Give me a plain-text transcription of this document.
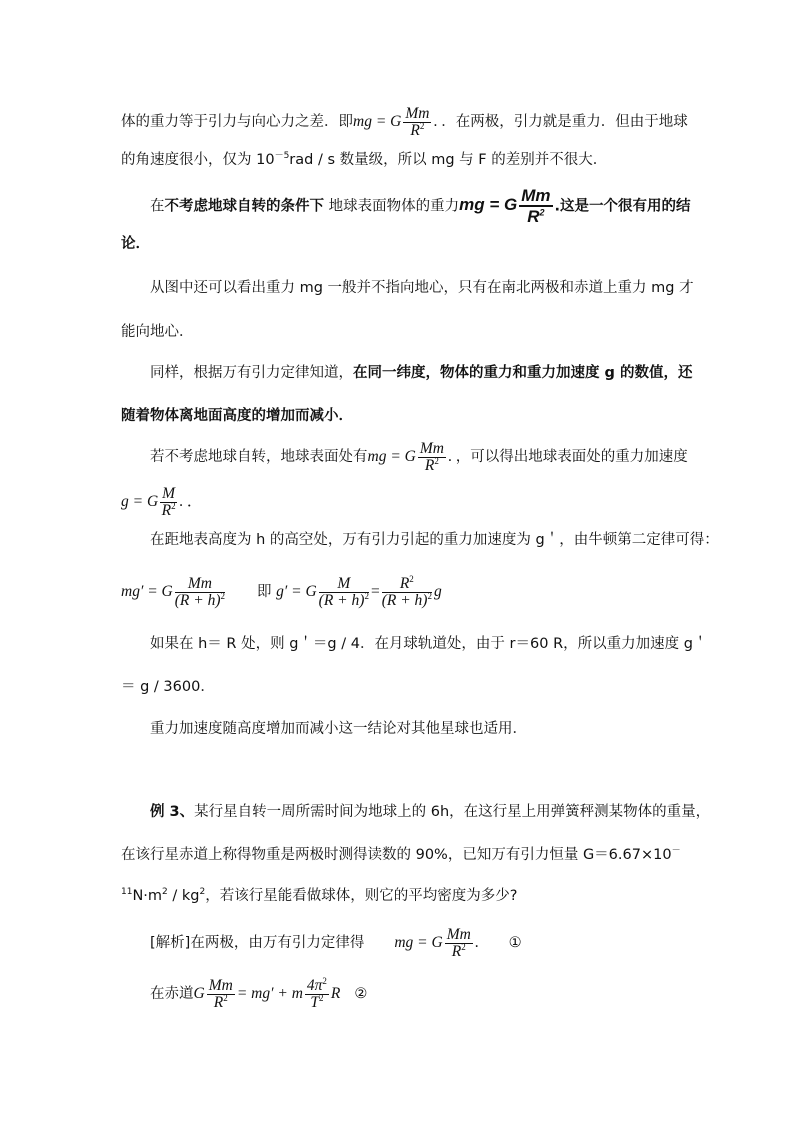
体的重力等于引力与向心力之差．即mg = G $\frac{Mm}{R^2}$ . ．在两极，引力就是重力．但由于地球
的角速度很小，仅为 $10^{-5}rad$ / s 数量级，所以 mg 与 F 的差别并不很大．
在不考虑地球自转的条件下 地球表面物体的重力mg = G $\frac{Mm}{R^2}$ .这是一个很有用的结
论．
从图中还可以看出重力 mg 一般并不指向地心，只有在南北两极和赤道上重力 mg 才
能向地心．
同样，根据万有引力定律知道，在同一纬度，物体的重力和重力加速度 g 的数值，还
随着物体离地面高度的增加而减小．
若不考虑地球自转，地球表面处有mg = G $\frac{Mm}{R^2}$ . ，可以得出地球表面处的重力加速度
g = G $\frac{M}{R^2}$ . ．
在距地表高度为 h 的高空处，万有引力引起的重力加速度为 g＇，由牛顿第二定律可得：
mg′ = G $\frac{Mm}{(R + h)^2}$ 即 g′ = G $\frac{M}{(R + h)^2} = \frac{R^2}{(R + h)^2}$ g
如果在 h＝ R 处，则 g＇＝g / 4．在月球轨道处，由于 r＝60 R，所以重力加速度 g＇
＝ g / 3600．
重力加速度随高度增加而减小这一结论对其他星球也适用．
例 3、某行星自转一周所需时间为地球上的 6h，在这行星上用弹簧秤测某物体的重量，
在该行星赤道上称得物重是两极时测得读数的 90%，已知万有引力恒量 G＝6.67×10－
$^{11}N\cdot m^2 / kg^2$，若该行星能看做球体，则它的平均密度为多少?
[解析]在两极，由万有引力定律得 mg = G $\frac{Mm}{R^2}$ . ①
在赤道G $\frac{Mm}{R^2} = mg' + m \frac{4\pi^2}{T^2}$ R ②
